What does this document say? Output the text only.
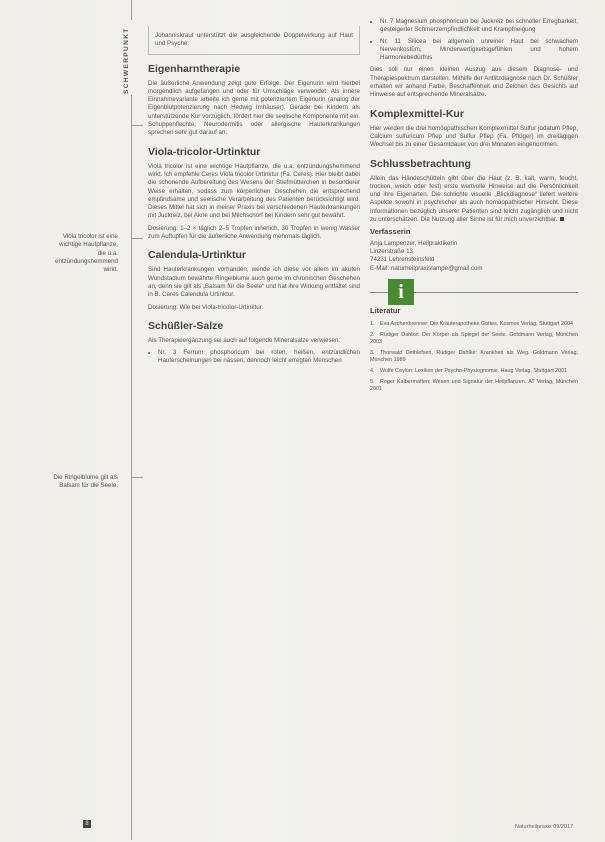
SCHWERPUNKT
Viola tricolor ist eine wichtige Hautpflanze, die u.a. entzündungshemmend wirkt.
Die Ringelblume gilt als Balsam für die Seele.
Johanniskraut unterstützt die ausgleichende Doppelwirkung auf Haut und Psyche.
Eigenharntherapie

Die äußerliche Anwendung zeigt gute Erfolge. Der Eigenurin wird hierbei morgendlich aufgefangen und oder für Umschläge verwendet. Als innere Einnahmevariante arbeite ich gerne mit potenziertem Eigenurin (analog der Eigenblutpotenzierung nach Hedwig Imhäuser). Gerade bei Kindern als unterstützende Kur vorzüglich, fördert hier die seelische Komponente mit ein. Schuppenflechte, Neurodermitis oder allergische Hauterkrankungen sprechen sehr gut darauf an.

Viola-tricolor-Urtinktur

Viola tricolor ist eine wichtige Hautpflanze, die u.a. entzündungshemmend wirkt. Ich empfehle Ceres Viola tricolor Urtinktur (Fa. Ceres). Hier bleibt dabei die schonende Aufbereitung des Wesens der Stiefmütterchen in besonderer Weise erhalten, sodass zum körperlichen Geschehen die entsprechend empfindsame und seelische Verarbeitung des Patienten berücksichtigt wird. Dieses Mittel hat sich in meiner Praxis bei verschiedenen Hauterkrankungen mit Juckreiz, bei Akne und bei Milchschorf bei Kindern sehr gut bewährt.

Dosierung: 1–2 × täglich 2–5 Tropfen innerlich, 30 Tropfen in wenig Wasser zum Auftupfen für die äußerliche Anwendung mehrmals täglich.

Calendula-Urtinktur

Sind Hauterkrankungen vorhanden, wende ich diese vor allem im akuten Wundstadium bewährte Ringelblume auch gerne im chronischen Geschehen an, denn sie gilt als „Balsam für die Seele“ und hat ihre Wirkung entfaltet sind in B. Ceres Calendula Urtinktur.

Dosierung: Wie bei Viola-tricolor-Urtinktur.

Schüßler-Salze

Als Therapieergänzung sei auch auf folgende Mineralsalze verwiesen:

• Nr. 3 Ferrum phosphoricum bei roten, heißen, entzündlichen Hauterscheinungen bei nässen, dennoch leicht erregten Menschen
• Nr. 7 Magnesium phosphoricum bei Juckreiz bei schneller Erregbarkeit, gesteigerter Schmerzempfindlichkeit und Krampfneigung
• Nr. 11 Silicea bei allgemein unreiner Haut bei schwachem Nervenkostüm, Minderwertigkeitsgefühlen und hohem Harmoniebedürfnis

Dies soll nur einen kleinen Auszug aus diesem Diagnose- und Therapiespektrum darstellen. Mithilfe der Antlitzdiagnose nach Dr. Schüßler erhalten wir anhand Farbe, Beschaffenheit und Zeichen des Gesichts auf Hinweise auf entsprechende Mineralsalze.

Komplexmittel-Kur

Hier werden die drei homöopathischen Komplexmittel Sulfur jodatum Pflep, Calcium sulfuricum Pflep und Sulfur Pflep (Fa. Pflüger) im dreitägigen Wechsel bis zu einer Gesamtdauer von drei Monaten eingenommen.

Schlussbetrachtung

Allein das Händeschütteln gibt über die Haut (z. B. kalt, warm, feucht, trocken, weich oder fest) erste wertvolle Hinweise auf die Persönlichkeit und ihre Eigenarten. Die schlichte visuelle „Blickdiagnose“ liefert weitere Aspekte sowohl in psychischer als auch homöopathischer Hinsicht. Diese Informationen bezüglich unserer Patienten sind leicht zugänglich und nicht zu unterschätzen. Die Nutzung aller Sinne ist für mich unverzichtbar.

Verfasserin
Anja Lampenzer, Heilpraktikerin
Linzerstraße 13
74231 Lehrensteinsfeld
E-Mail: naturheilpraxislampe@gmail.com
i
Literatur
1. Eva Aschenbrenner: Die Kräuterapotheke Gottes. Kosmos Verlag, Stuttgart 2004
2. Rüdiger Dahlke: Der Körper als Spiegel der Seele. Goldmann Verlag, München 2003
3. Thorwald Dethlefsen, Rüdiger Dahlke: Krankheit als Weg. Goldmann Verlag, München 1989
4. Wolfe Ceylon: Lexikon der Psycho-Physiognomie. Haug Verlag, Stuttgart 2001
5. Roger Kalbermatten: Wesen und Signatur der Heilpflanzen. AT Verlag, München 2001
8	Naturheilpraxis 09/2017
